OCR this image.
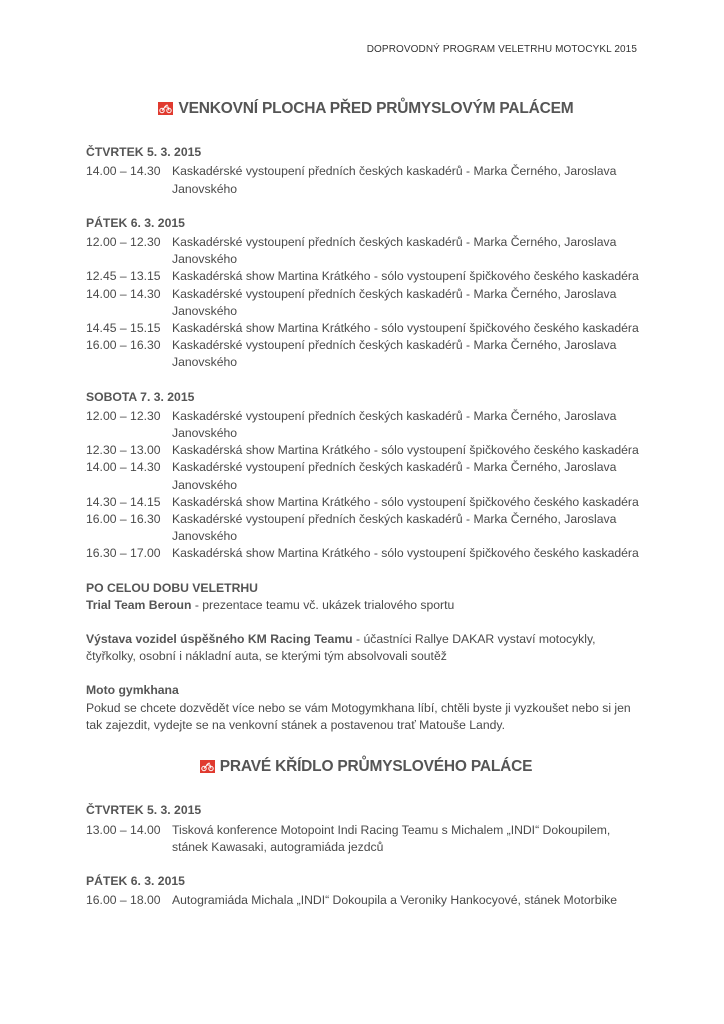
DOPROVODNÝ PROGRAM VELETRHU MOTOCYKL 2015
VENKOVNÍ PLOCHA PŘED PRŮMYSLOVÝM PALÁCEM
ČTVRTEK 5. 3. 2015
14.00 – 14.30 Kaskadérské vystoupení předních českých kaskadérů - Marka Černého, Jaroslava Janovského
PÁTEK 6. 3. 2015
12.00 – 12.30 Kaskadérské vystoupení předních českých kaskadérů - Marka Černého, Jaroslava Janovského
12.45 – 13.15 Kaskadérská show Martina Krátkého - sólo vystoupení špičkového českého kaskadéra
14.00 – 14.30 Kaskadérské vystoupení předních českých kaskadérů - Marka Černého, Jaroslava Janovského
14.45 – 15.15 Kaskadérská show Martina Krátkého - sólo vystoupení špičkového českého kaskadéra
16.00 – 16.30 Kaskadérské vystoupení předních českých kaskadérů - Marka Černého, Jaroslava Janovského
SOBOTA 7. 3. 2015
12.00 – 12.30 Kaskadérské vystoupení předních českých kaskadérů - Marka Černého, Jaroslava Janovského
12.30 – 13.00 Kaskadérská show Martina Krátkého - sólo vystoupení špičkového českého kaskadéra
14.00 – 14.30 Kaskadérské vystoupení předních českých kaskadérů - Marka Černého, Jaroslava Janovského
14.30 – 14.15 Kaskadérská show Martina Krátkého - sólo vystoupení špičkového českého kaskadéra
16.00 – 16.30 Kaskadérské vystoupení předních českých kaskadérů - Marka Černého, Jaroslava Janovského
16.30 – 17.00 Kaskadérská show Martina Krátkého - sólo vystoupení špičkového českého kaskadéra
PO CELOU DOBU VELETRHU
Trial Team Beroun - prezentace teamu vč. ukázek trialového sportu
Výstava vozidel úspěšného KM Racing Teamu - účastníci Rallye DAKAR vystaví motocykly, čtyřkolky, osobní i nákladní auta, se kterými tým absolvovali soutěž
Moto gymkhana
Pokud se chcete dozvědět více nebo se vám Motogymkhana líbí, chtěli byste ji vyzkoušet nebo si jen tak zajezdit, vydejte se na venkovní stánek a postavenou trať Matouše Landy.
PRAVÉ KŘÍDLO PRŮMYSLOVÉHO PALÁCE
ČTVRTEK 5. 3. 2015
13.00 – 14.00 Tisková konference Motopoint Indi Racing Teamu s Michalem „INDI“ Dokoupilem, stánek Kawasaki, autogramiáda jezdců
PÁTEK 6. 3. 2015
16.00 – 18.00 Autogramiáda Michala „INDI“ Dokoupila a Veroniky Hankocyové, stánek Motorbike
